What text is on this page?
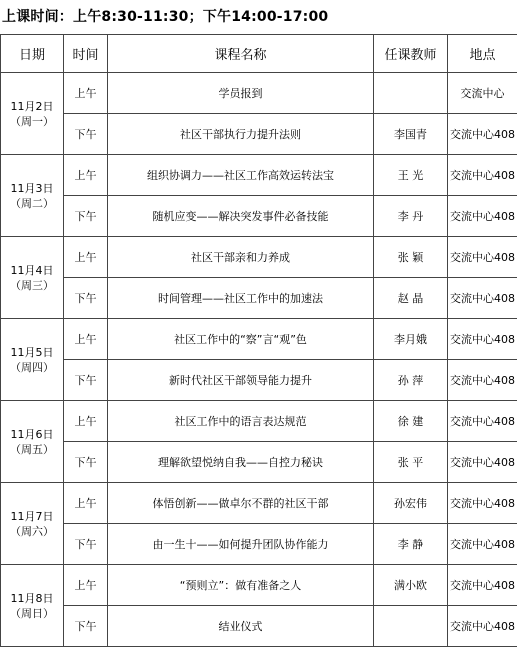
上课时间：上午8:30-11:30；下午14:00-17:00
日期	时间	课程名称	任课教师	地点

11月2日
（周一）	上午	学员报到		交流中心
	下午	社区干部执行力提升法则	李国青	交流中心408

11月3日
（周二）	上午	组织协调力——社区工作高效运转法宝	王 光	交流中心408
	下午	随机应变——解决突发事件必备技能	李 丹	交流中心408

11月4日
（周三）	上午	社区干部亲和力养成	张 颖	交流中心408
	下午	时间管理——社区工作中的加速法	赵 晶	交流中心408

11月5日
（周四）	上午	社区工作中的“察”言“观”色	李月娥	交流中心408
	下午	新时代社区干部领导能力提升	孙 萍	交流中心408

11月6日
（周五）	上午	社区工作中的语言表达规范	徐 建	交流中心408
	下午	理解欲望悦纳自我——自控力秘诀	张 平	交流中心408

11月7日
（周六）	上午	体悟创新——做卓尔不群的社区干部	孙宏伟	交流中心408
	下午	由一生十——如何提升团队协作能力	李 静	交流中心408

11月8日
（周日）	上午	“预则立”：做有准备之人	满小欧	交流中心408
	下午	结业仪式		交流中心408
